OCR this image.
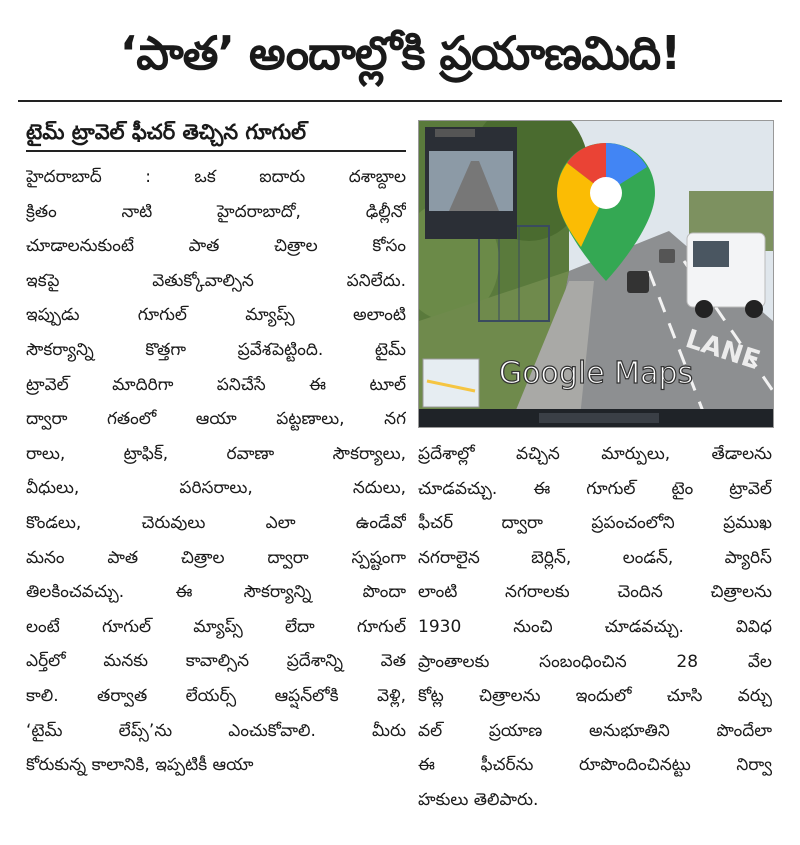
‘పాత’ అందాల్లోకి ప్రయాణమిది!
టైమ్ ట్రావెల్ ఫీచర్ తెచ్చిన గూగుల్
హైదరాబాద్ : ఒక ఐదారు దశాబ్దాల
క్రితం నాటి హైదరాబాదో, ఢిల్లీనో
చూడాలనుకుంటే పాత చిత్రాల కోసం
ఇకపై వెతుక్కోవాల్సిన పనిలేదు.
ఇప్పుడు గూగుల్ మ్యాప్స్ అలాంటి
సౌకర్యాన్ని కొత్తగా ప్రవేశపెట్టింది. టైమ్
ట్రావెల్ మాదిరిగా పనిచేసే ఈ టూల్
ద్వారా గతంలో ఆయా పట్టణాలు, నగ
రాలు, ట్రాఫిక్, రవాణా సౌకర్యాలు,
వీధులు, పరిసరాలు, నదులు,
కొండలు, చెరువులు ఎలా ఉండేవో
మనం పాత చిత్రాల ద్వారా స్పష్టంగా
తిలకించవచ్చు. ఈ సౌకర్యాన్ని పొందా
లంటే గూగుల్ మ్యాప్స్ లేదా గూగుల్
ఎర్త్‌లో మనకు కావాల్సిన ప్రదేశాన్ని వెత
కాలి. తర్వాత లేయర్స్ ఆప్షన్‌లోకి వెళ్లి,
‘టైమ్ లేప్స్’ను ఎంచుకోవాలి. మీరు
కోరుకున్న కాలానికి, ఇప్పటికీ ఆయా
LANE
Google Maps
ప్రదేశాల్లో వచ్చిన మార్పులు, తేడాలను
చూడవచ్చు. ఈ గూగుల్ టైం ట్రావెల్
ఫీచర్ ద్వారా ప్రపంచంలోని ప్రముఖ
నగరాలైన బెర్లిన్, లండన్, ప్యారిస్
లాంటి నగరాలకు చెందిన చిత్రాలను
1930 నుంచి చూడవచ్చు. వివిధ
ప్రాంతాలకు సంబంధించిన 28 వేల
కోట్ల చిత్రాలను ఇందులో చూసి వర్చు
వల్ ప్రయాణ అనుభూతిని పొందేలా
ఈ ఫీచర్‌ను రూపొందించినట్టు నిర్వా
హకులు తెలిపారు.
